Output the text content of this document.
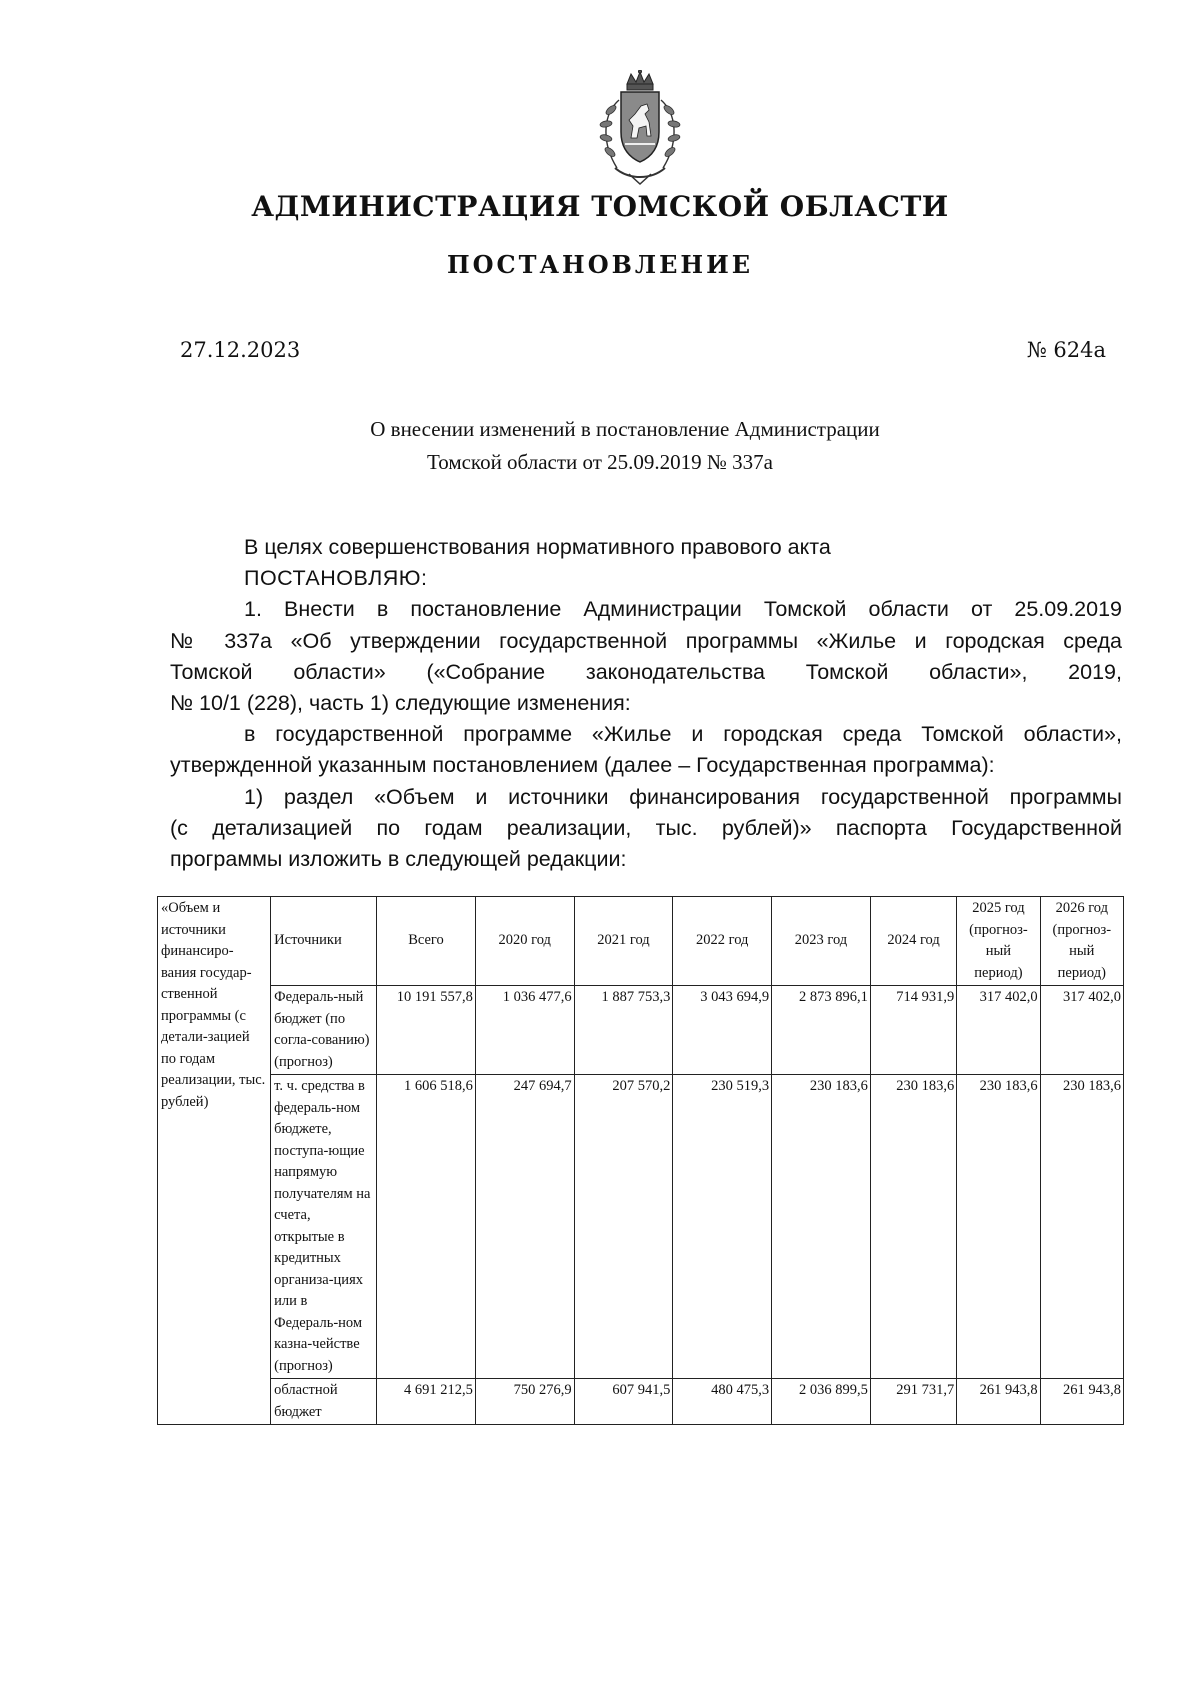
АДМИНИСТРАЦИЯ ТОМСКОЙ ОБЛАСТИ
ПОСТАНОВЛЕНИЕ
27.12.2023	№ 624а
О внесении изменений в постановление Администрации
Томской области от 25.09.2019 № 337а

В целях совершенствования нормативного правового акта

ПОСТАНОВЛЯЮ:

1. Внести в постановление Администрации Томской области от 25.09.2019

№ 337а «Об утверждении государственной программы «Жилье и городская среда

Томской области» («Собрание законодательства Томской области», 2019,

№ 10/1 (228), часть 1) следующие изменения:

в государственной программе «Жилье и городская среда Томской области»,

утвержденной указанным постановлением (далее – Государственная программа):

1) раздел «Объем и источники финансирования государственной программы

(с детализацией по годам реализации, тыс. рублей)» паспорта Государственной

программы изложить в следующей редакции:

«Объем и источники финансиро-вания государ-ственной программы (с детали-зацией по годам реализации, тыс. рублей)	Источники	Всего	2020 год	2021 год	2022 год	2023 год	2024 год	2025 год (прогноз-ный период)	2026 год (прогноз-ный период)
	Федераль-ный бюджет (по согла-сованию) (прогноз)	10 191 557,8	1 036 477,6	1 887 753,3	3 043 694,9	2 873 896,1	714 931,9	317 402,0	317 402,0
	т. ч. средства в федераль-ном бюджете, поступа-ющие напрямую получателям на счета, открытые в кредитных организа-циях или в Федераль-ном казна-чействе (прогноз)	1 606 518,6	247 694,7	207 570,2	230 519,3	230 183,6	230 183,6	230 183,6	230 183,6
	областной бюджет	4 691 212,5	750 276,9	607 941,5	480 475,3	2 036 899,5	291 731,7	261 943,8	261 943,8
